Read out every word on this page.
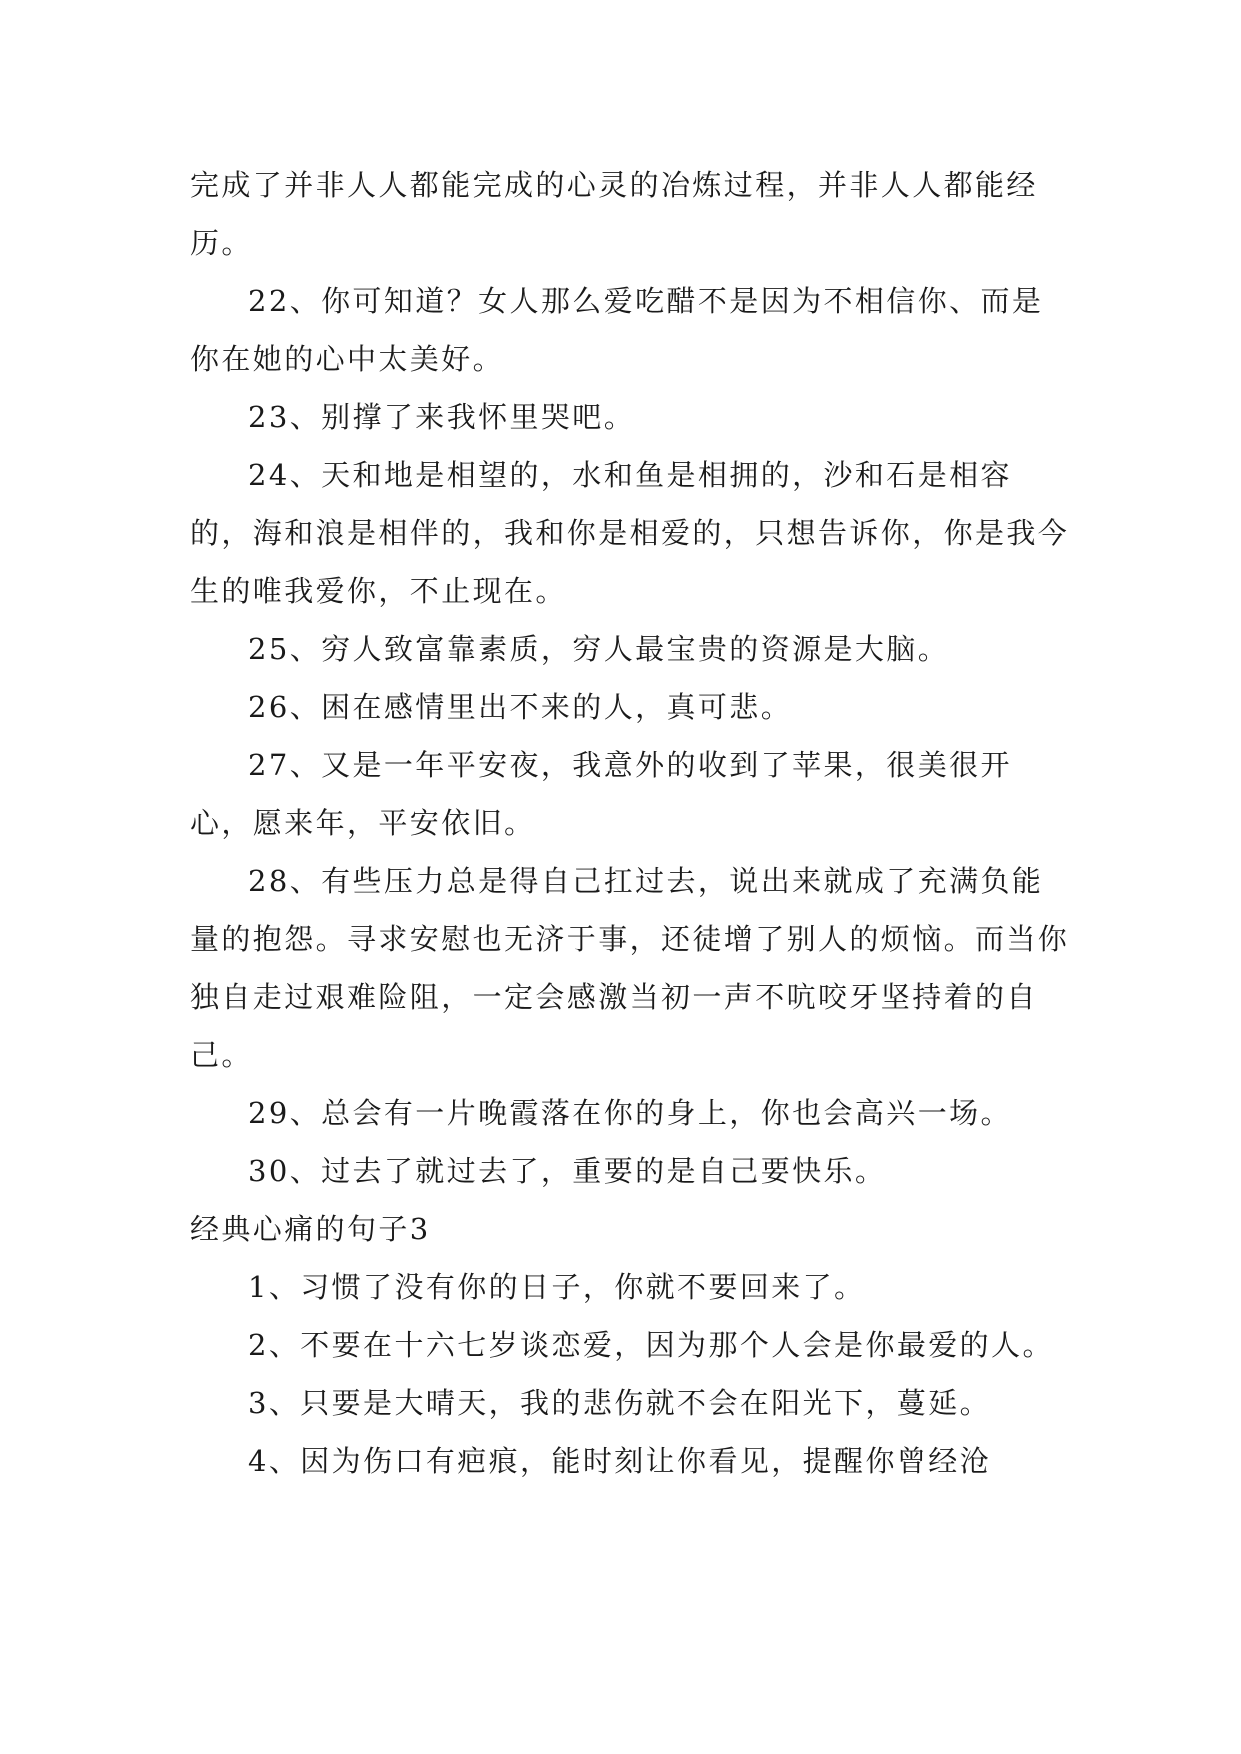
完成了并非人人都能完成的心灵的冶炼过程，并非人人都能经历。

22、你可知道？女人那么爱吃醋不是因为不相信你、而是你在她的心中太美好。

23、别撑了来我怀里哭吧。

24、天和地是相望的，水和鱼是相拥的，沙和石是相容的，海和浪是相伴的，我和你是相爱的，只想告诉你，你是我今生的唯我爱你，不止现在。

25、穷人致富靠素质，穷人最宝贵的资源是大脑。

26、困在感情里出不来的人，真可悲。

27、又是一年平安夜，我意外的收到了苹果，很美很开心，愿来年，平安依旧。

28、有些压力总是得自己扛过去，说出来就成了充满负能量的抱怨。寻求安慰也无济于事，还徒增了别人的烦恼。而当你独自走过艰难险阻，一定会感激当初一声不吭咬牙坚持着的自己。

29、总会有一片晚霞落在你的身上，你也会高兴一场。

30、过去了就过去了，重要的是自己要快乐。

经典心痛的句子3

1、习惯了没有你的日子，你就不要回来了。

2、不要在十六七岁谈恋爱，因为那个人会是你最爱的人。

3、只要是大晴天，我的悲伤就不会在阳光下，蔓延。

4、因为伤口有疤痕，能时刻让你看见，提醒你曾经沧
